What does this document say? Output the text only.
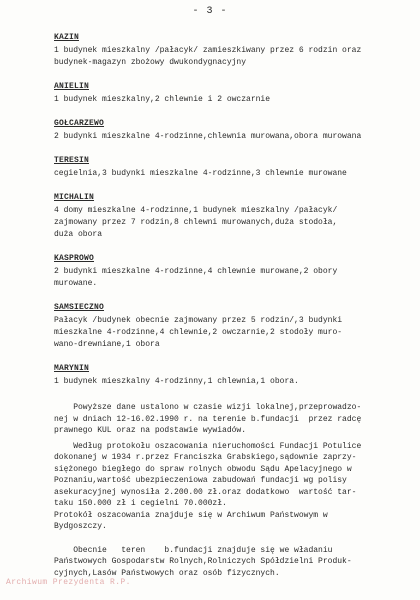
- 3 -
KAZIN
1 budynek mieszkalny /pałacyk/ zamieszkiwany przez 6 rodzin oraz
budynek-magazyn zbożowy dwukondygnacyjny
ANIELIN
1 budynek mieszkalny,2 chlewnie i 2 owczarnie
GOŁCARZEWO
2 budynki mieszkalne 4-rodzinne,chlewnia murowana,obora murowana
TERESIN
cegielnia,3 budynki mieszkalne 4-rodzinne,3 chlewnie murowane
MICHALIN
4 domy mieszkalne 4-rodzinne,1 budynek mieszkalny /pałacyk/
zajmowany przez 7 rodzin,8 chlewni murowanych,duża stodoła,
duża obora
KASPROWO
2 budynki mieszkalne 4-rodzinne,4 chlewnie murowane,2 obory
murowane.
SAMSIECZNO
Pałacyk /budynek obecnie zajmowany przez 5 rodzin/,3 budynki
mieszkalne 4-rodzinne,4 chlewnie,2 owczarnie,2 stodoły muro-
wano-drewniane,1 obora
MARYNIN
1 budynek mieszkalny 4-rodzinny,1 chlewnia,1 obora.
Powyższe dane ustalono w czasie wizji lokalnej,przeprowadzo-
nej w dniach 12-16.02.1990 r. na terenie b.fundacji  przez radcę
prawnego KUL oraz na podstawie wywiadów.
Według protokołu oszacowania nieruchomości Fundacji Potulice
dokonanej w 1934 r.przez Franciszka Grabskiego,sądownie zaprzy-
siężonego biegłego do spraw rolnych obwodu Sądu Apelacyjnego w
Poznaniu,wartość ubezpieczeniowa zabudowań fundacji wg polisy
asekuracyjnej wynosiła 2.200.00 zł.oraz dodatkowo  wartość tar-
taku 150.000 zł i cegielni 70.000zł.
Protokół oszacowania znajduje się w Archiwum Państwowym w
Bydgoszczy.
Obecnie   teren    b.fundacji znajduje się we władaniu
Państwowych Gospodarstw Rolnych,Rolniczych Spółdzielni Produk-
cyjnych,Lasów Państwowych oraz osób fizycznych.
Archiwum Prezydenta R.P.
